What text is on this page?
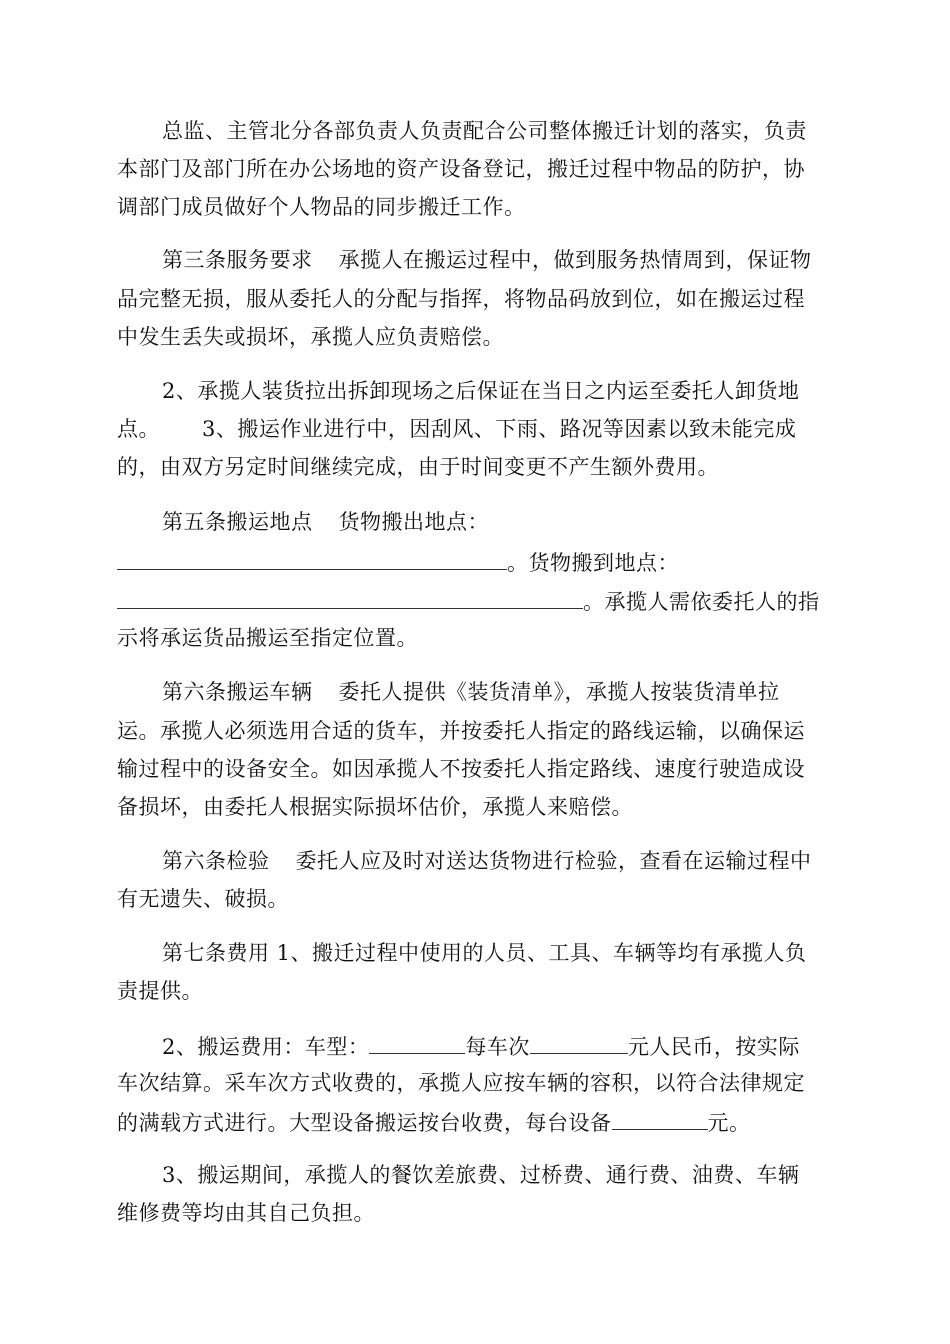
总监、主管北分各部负责人负责配合公司整体搬迁计划的落实，负责
本部门及部门所在办公场地的资产设备登记，搬迁过程中物品的防护，协
调部门成员做好个人物品的同步搬迁工作。
第三条服务要求 承揽人在搬运过程中，做到服务热情周到，保证物
品完整无损，服从委托人的分配与指挥，将物品码放到位，如在搬运过程
中发生丢失或损坏，承揽人应负责赔偿。
2、承揽人装货拉出拆卸现场之后保证在当日之内运至委托人卸货地
点。 3、搬运作业进行中，因刮风、下雨、路况等因素以致未能完成
的，由双方另定时间继续完成，由于时间变更不产生额外费用。
第五条搬运地点 货物搬出地点：
。货物搬到地点：
。承揽人需依委托人的指
示将承运货品搬运至指定位置。
第六条搬运车辆 委托人提供《装货清单》，承揽人按装货清单拉
运。承揽人必须选用合适的货车，并按委托人指定的路线运输，以确保运
输过程中的设备安全。如因承揽人不按委托人指定路线、速度行驶造成设
备损坏，由委托人根据实际损坏估价，承揽人来赔偿。
第六条检验 委托人应及时对送达货物进行检验，查看在运输过程中
有无遗失、破损。
第七条费用 1、搬迁过程中使用的人员、工具、车辆等均有承揽人负
责提供。
2、搬运费用：车型：	每车次	元人民币，按实际
车次结算。采车次方式收费的，承揽人应按车辆的容积，以符合法律规定
的满载方式进行。大型设备搬运按台收费，每台设备	元。
3、搬运期间，承揽人的餐饮差旅费、过桥费、通行费、油费、车辆
维修费等均由其自己负担。
